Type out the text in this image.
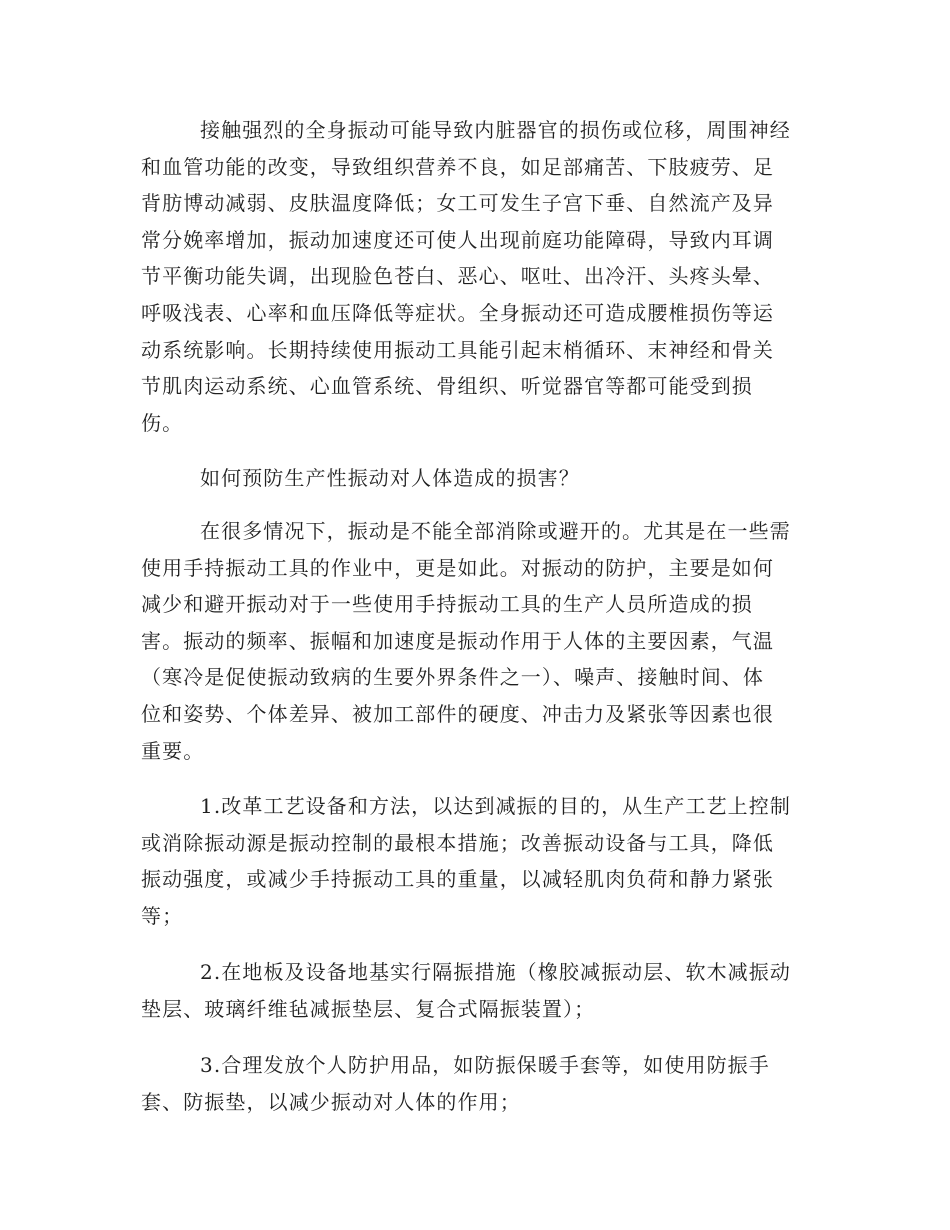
接触强烈的全身振动可能导致内脏器官的损伤或位移，周围神经
和血管功能的改变，导致组织营养不良，如足部痛苦、下肢疲劳、足
背肪博动减弱、皮肤温度降低；女工可发生子宫下垂、自然流产及异
常分娩率增加，振动加速度还可使人出现前庭功能障碍，导致内耳调
节平衡功能失调，出现脸色苍白、恶心、呕吐、出冷汗、头疼头晕、
呼吸浅表、心率和血压降低等症状。全身振动还可造成腰椎损伤等运
动系统影响。长期持续使用振动工具能引起末梢循环、末神经和骨关
节肌肉运动系统、心血管系统、骨组织、听觉器官等都可能受到损
伤。
如何预防生产性振动对人体造成的损害？
在很多情况下，振动是不能全部消除或避开的。尤其是在一些需
使用手持振动工具的作业中，更是如此。对振动的防护，主要是如何
减少和避开振动对于一些使用手持振动工具的生产人员所造成的损
害。振动的频率、振幅和加速度是振动作用于人体的主要因素，气温
（寒冷是促使振动致病的生要外界条件之一）、噪声、接触时间、体
位和姿势、个体差异、被加工部件的硬度、冲击力及紧张等因素也很
重要。
1.改革工艺设备和方法，以达到减振的目的，从生产工艺上控制
或消除振动源是振动控制的最根本措施；改善振动设备与工具，降低
振动强度，或减少手持振动工具的重量，以减轻肌肉负荷和静力紧张
等；
2.在地板及设备地基实行隔振措施（橡胶减振动层、软木减振动
垫层、玻璃纤维毡减振垫层、复合式隔振装置）；
3.合理发放个人防护用品，如防振保暖手套等，如使用防振手
套、防振垫，以减少振动对人体的作用；
